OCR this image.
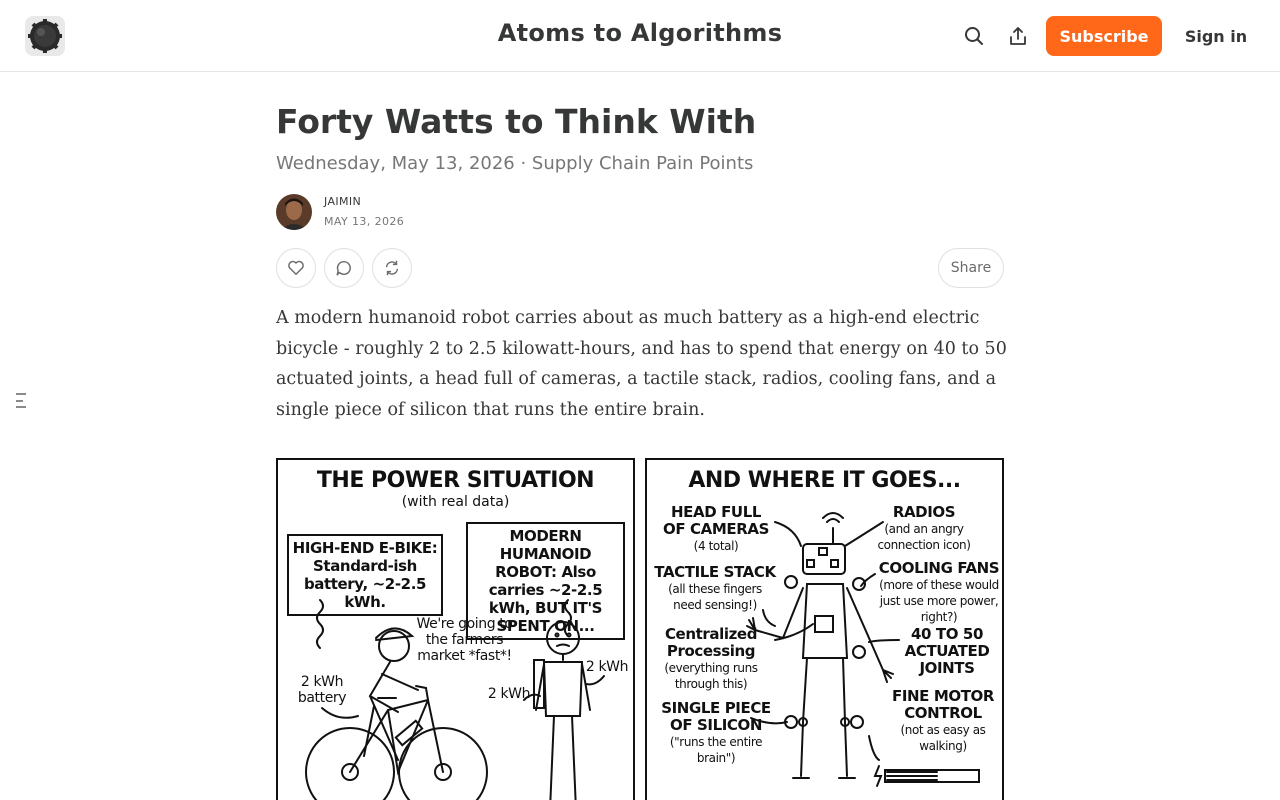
Atoms to Algorithms	Subscribe	Sign in
Forty Watts to Think With
Wednesday, May 13, 2026 · Supply Chain Pain Points
JAIMIN
MAY 13, 2026
Share

A modern humanoid robot carries about as much battery as a high-end electric bicycle - roughly 2 to 2.5 kilowatt-hours, and has to spend that energy on 40 to 50 actuated joints, a head full of cameras, a tactile stack, radios, cooling fans, and a single piece of silicon that runs the entire brain.

THE POWER SITUATION
(with real data)
HIGH-END E-BIKE: Standard-ish battery, ~2-2.5 kWh.
MODERN HUMANOID ROBOT: Also carries ~2-2.5 kWh, BUT IT'S SPENT ON...
We're going to the farmers market *fast*!
2 kWh battery
2 kWh
2 kWh
AND WHERE IT GOES...
HEAD FULL OF CAMERAS
(4 total)
RADIOS
(and an angry connection icon)
TACTILE STACK
(all these fingers need sensing!)
COOLING FANS
(more of these would just use more power, right?)
Centralized Processing
(everything runs through this)
40 TO 50 ACTUATED JOINTS
SINGLE PIECE OF SILICON
("runs the entire brain")
FINE MOTOR CONTROL
(not as easy as walking)
